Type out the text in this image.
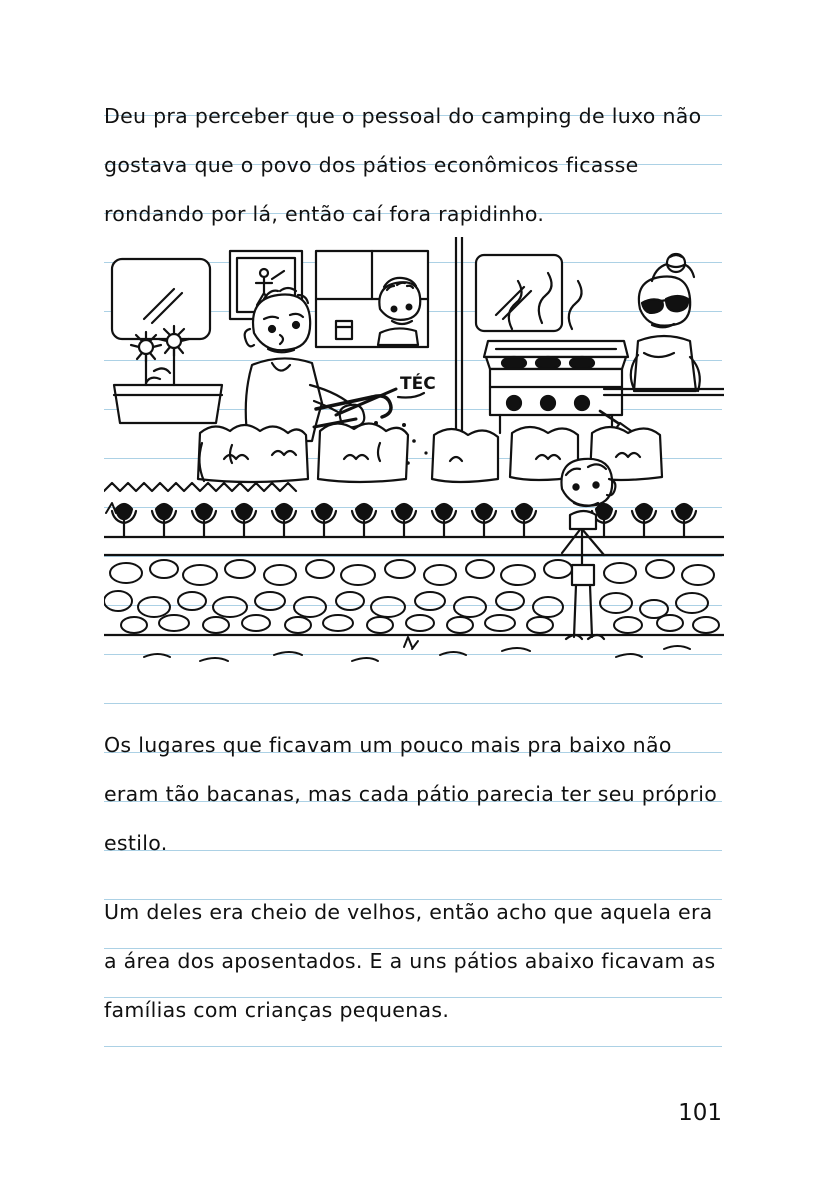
Deu pra perceber que o pessoal do camping de luxo não gostava que o povo dos pátios econômicos ficasse rondando por lá, então caí fora rapidinho.
TÉC
Os lugares que ficavam um pouco mais pra baixo não eram tão bacanas, mas cada pátio parecia ter seu próprio estilo.
Um deles era cheio de velhos, então acho que aquela era a área dos aposentados. E a uns pátios abaixo ficavam as famílias com crianças pequenas.
101
